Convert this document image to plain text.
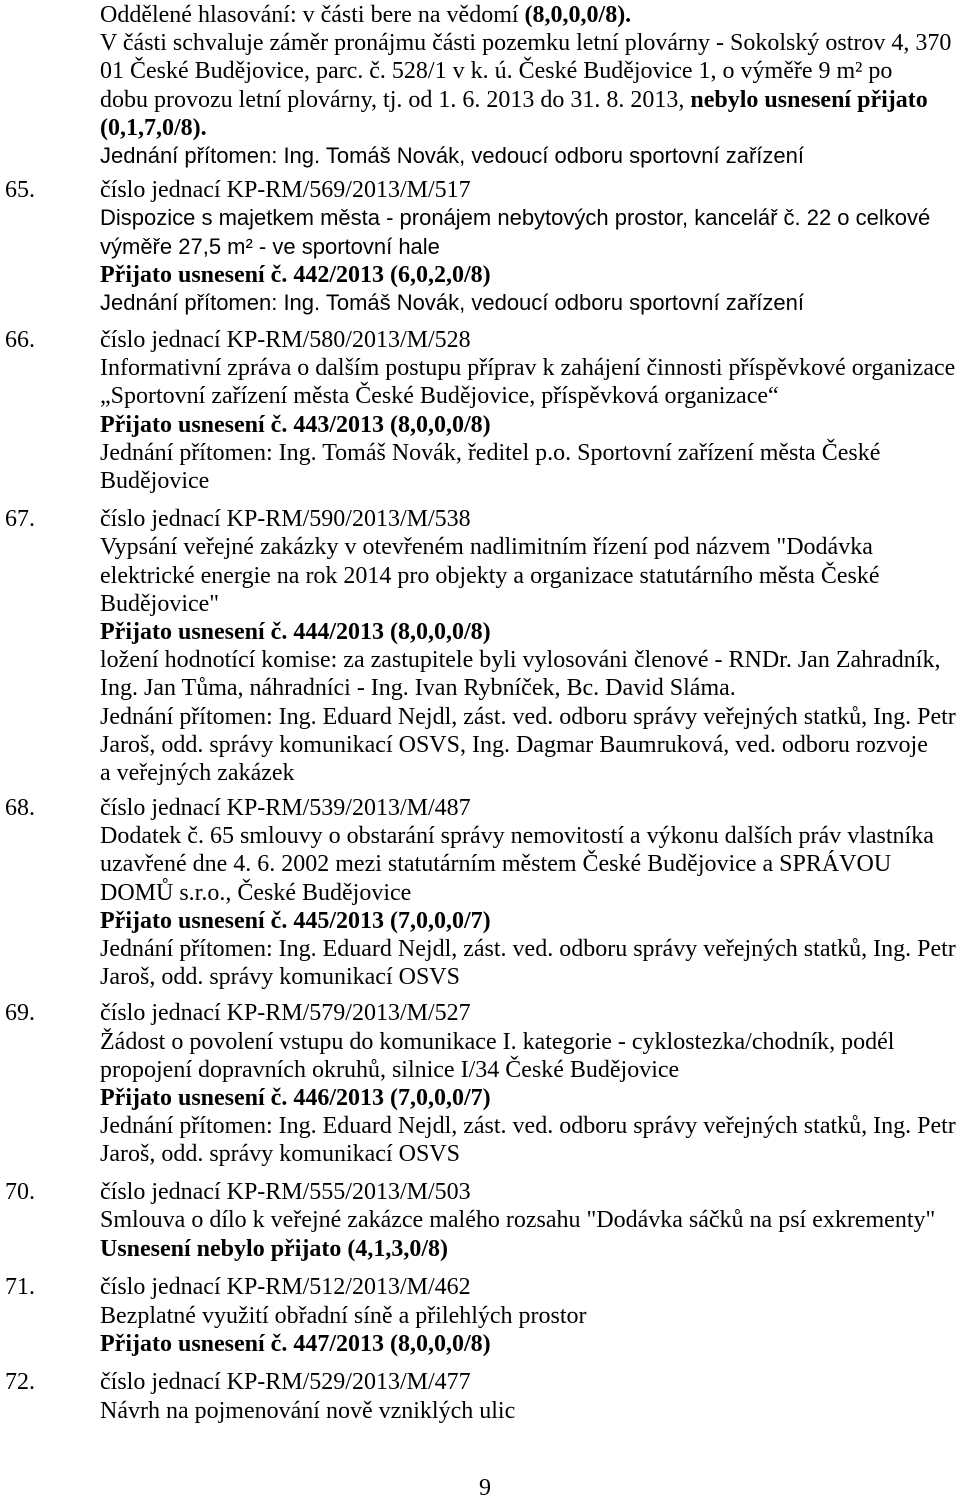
Oddělené hlasování: v části bere na vědomí (8,0,0,0/8).
V části schvaluje záměr pronájmu části pozemku letní plovárny - Sokolský ostrov 4, 370
01 České Budějovice, parc. č. 528/1 v k. ú. České Budějovice 1, o výměře 9 m² po
dobu provozu letní plovárny, tj. od 1. 6. 2013 do 31. 8. 2013, nebylo usnesení přijato
(0,1,7,0/8).
Jednání přítomen: Ing. Tomáš Novák, vedoucí odboru sportovní zařízení
65.	číslo jednací KP-RM/569/2013/M/517
Dispozice s majetkem města - pronájem nebytových prostor, kancelář č. 22 o celkové
výměře 27,5 m² - ve sportovní hale
Přijato usnesení č. 442/2013 (6,0,2,0/8)
Jednání přítomen: Ing. Tomáš Novák, vedoucí odboru sportovní zařízení
66.	číslo jednací KP-RM/580/2013/M/528
Informativní zpráva o dalším postupu příprav k zahájení činnosti příspěvkové organizace
„Sportovní zařízení města České Budějovice, příspěvková organizace“
Přijato usnesení č. 443/2013 (8,0,0,0/8)
Jednání přítomen: Ing. Tomáš Novák, ředitel p.o. Sportovní zařízení města České
Budějovice
67.	číslo jednací KP-RM/590/2013/M/538
Vypsání veřejné zakázky v otevřeném nadlimitním řízení pod názvem "Dodávka
elektrické energie na rok 2014 pro objekty a organizace statutárního města České
Budějovice"
Přijato usnesení č. 444/2013 (8,0,0,0/8)
ložení hodnotící komise: za zastupitele byli vylosováni členové - RNDr. Jan Zahradník,
Ing. Jan Tůma, náhradníci - Ing. Ivan Rybníček, Bc. David Sláma.
Jednání přítomen: Ing. Eduard Nejdl, zást. ved. odboru správy veřejných statků, Ing. Petr
Jaroš, odd. správy komunikací OSVS, Ing. Dagmar Baumruková, ved. odboru rozvoje
a veřejných zakázek
68.	číslo jednací KP-RM/539/2013/M/487
Dodatek č. 65 smlouvy o obstarání správy nemovitostí a výkonu dalších práv vlastníka
uzavřené dne 4. 6. 2002 mezi statutárním městem České Budějovice a SPRÁVOU
DOMŮ s.r.o., České Budějovice
Přijato usnesení č. 445/2013 (7,0,0,0/7)
Jednání přítomen: Ing. Eduard Nejdl, zást. ved. odboru správy veřejných statků, Ing. Petr
Jaroš, odd. správy komunikací OSVS
69.	číslo jednací KP-RM/579/2013/M/527
Žádost o povolení vstupu do komunikace I. kategorie - cyklostezka/chodník, podél
propojení dopravních okruhů, silnice I/34 České Budějovice
Přijato usnesení č. 446/2013 (7,0,0,0/7)
Jednání přítomen: Ing. Eduard Nejdl, zást. ved. odboru správy veřejných statků, Ing. Petr
Jaroš, odd. správy komunikací OSVS
70.	číslo jednací KP-RM/555/2013/M/503
Smlouva o dílo k veřejné zakázce malého rozsahu "Dodávka sáčků na psí exkrementy"
Usnesení nebylo přijato (4,1,3,0/8)
71.	číslo jednací KP-RM/512/2013/M/462
Bezplatné využití obřadní síně a přilehlých prostor
Přijato usnesení č. 447/2013 (8,0,0,0/8)
72.	číslo jednací KP-RM/529/2013/M/477
Návrh na pojmenování nově vzniklých ulic
9
